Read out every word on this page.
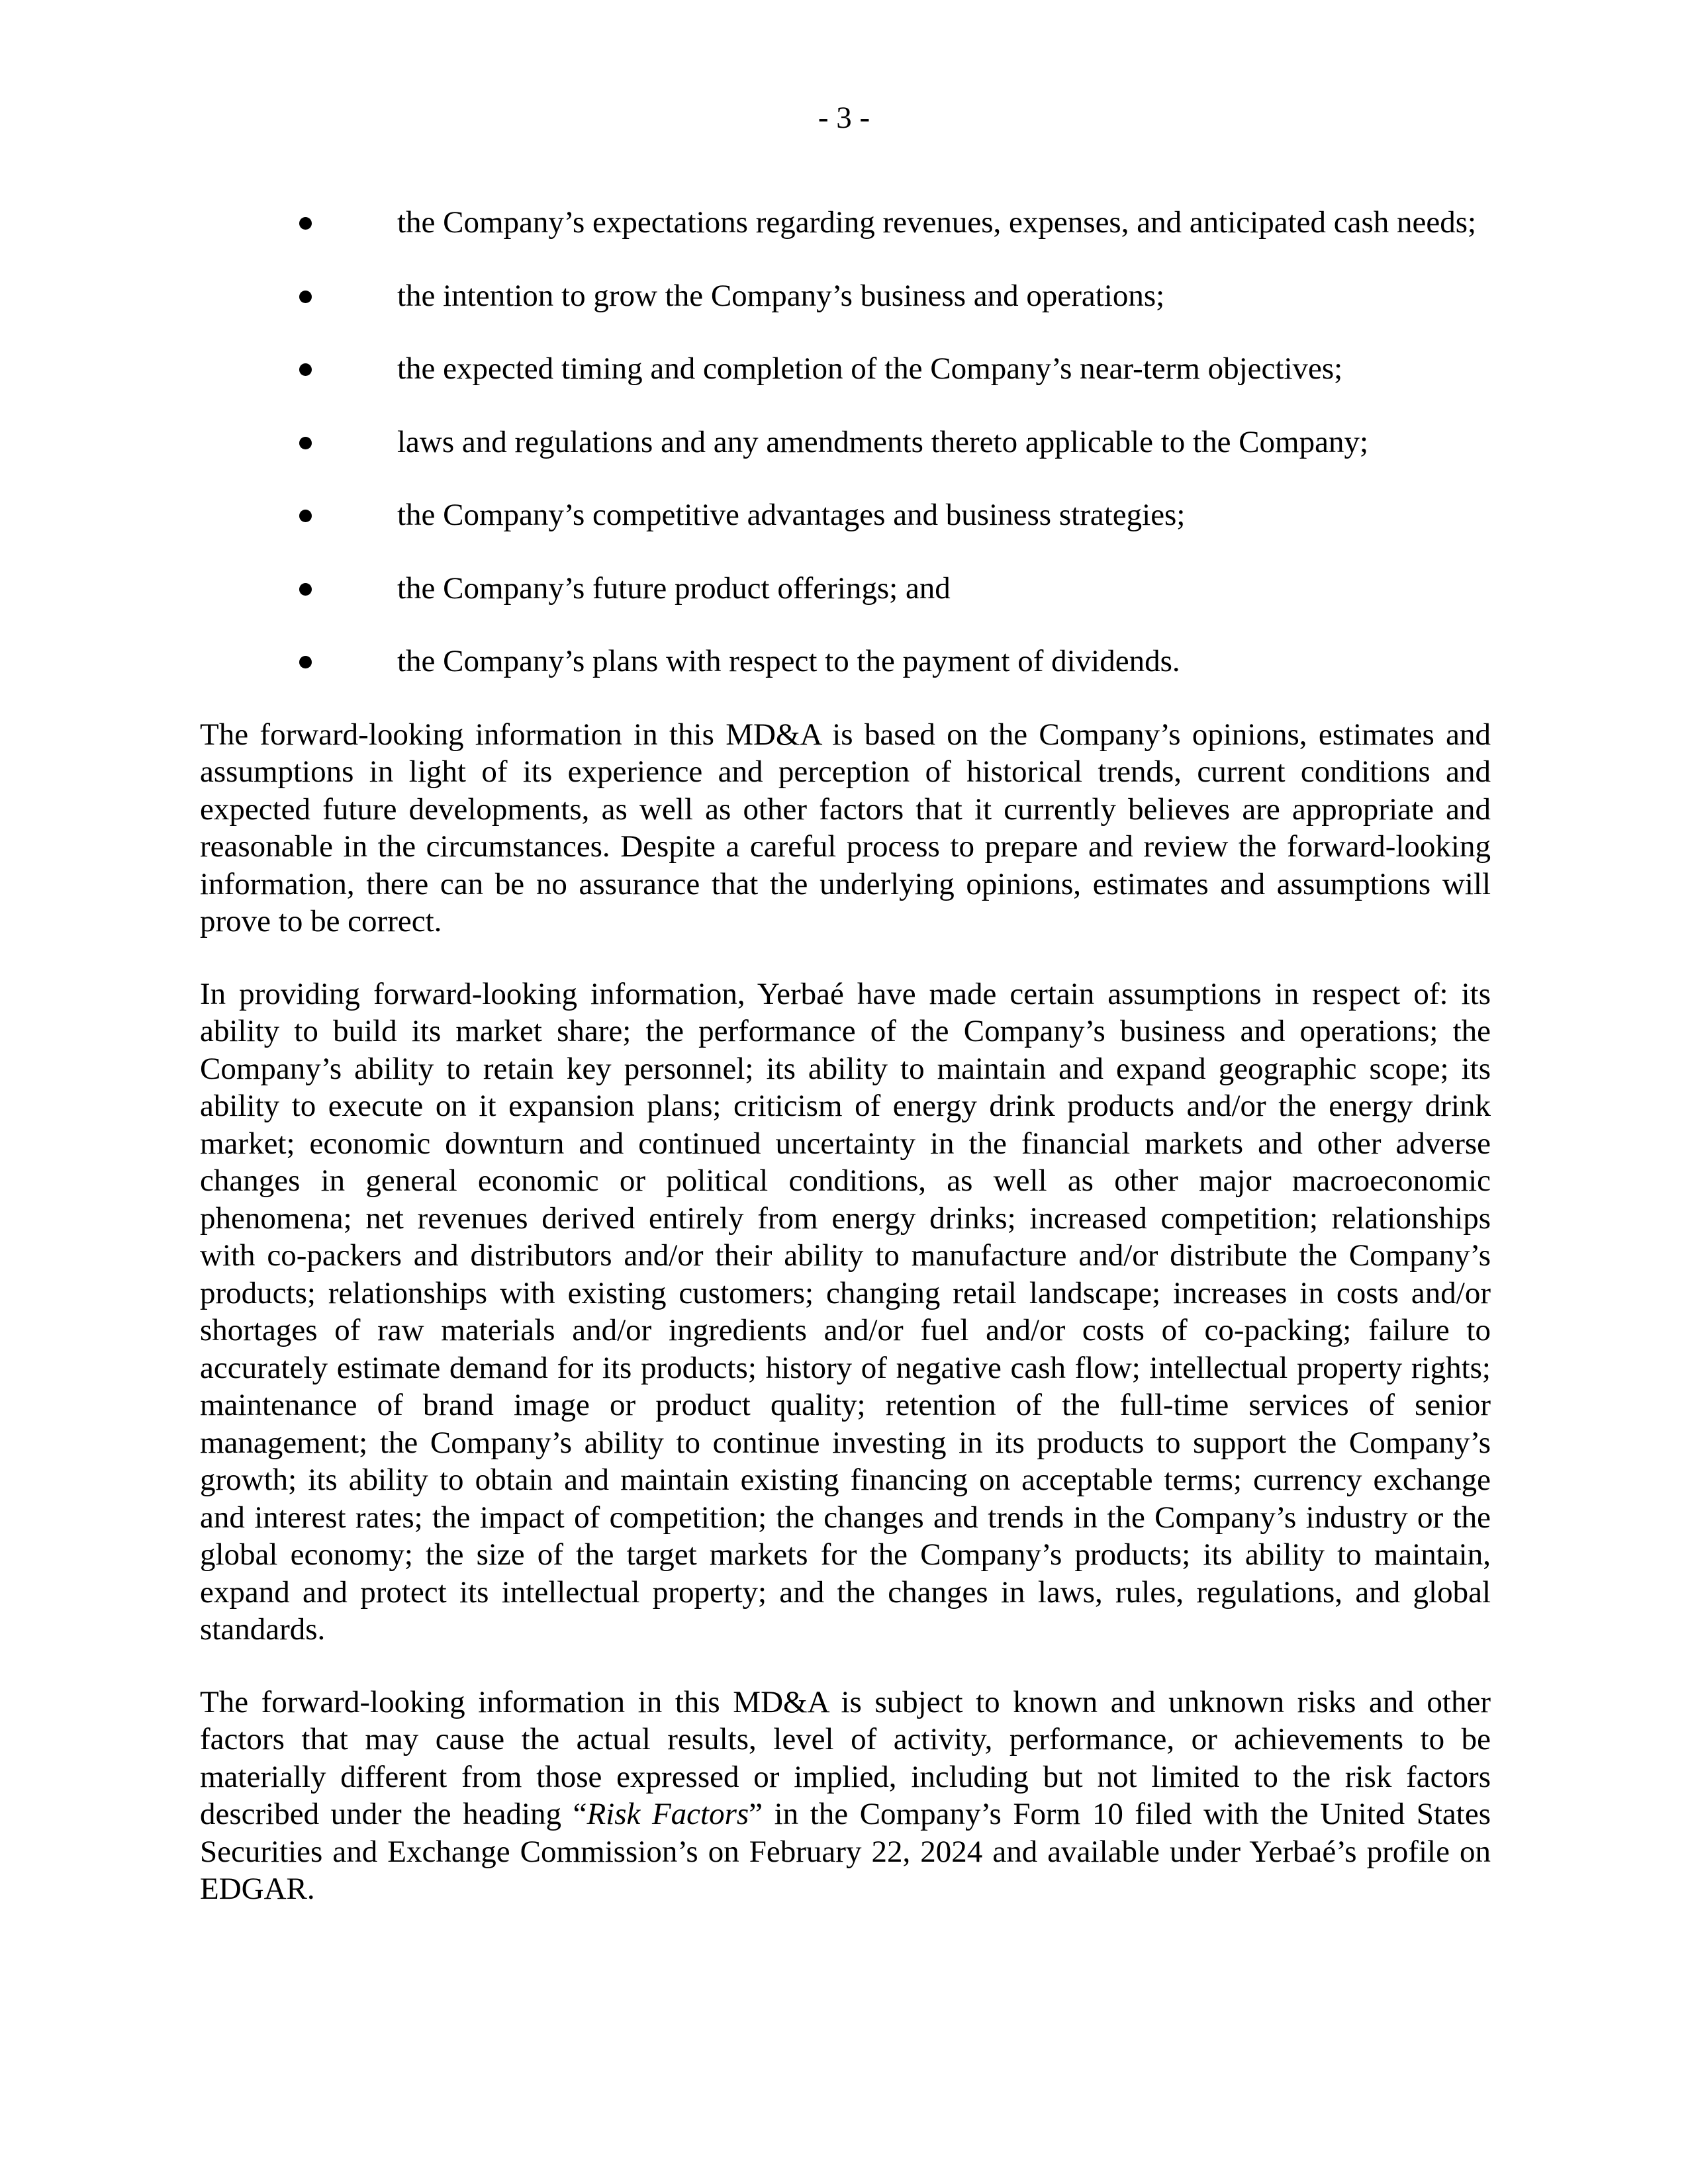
- 3 -
the Company’s expectations regarding revenues, expenses, and anticipated cash needs;
the intention to grow the Company’s business and operations;
the expected timing and completion of the Company’s near-term objectives;
laws and regulations and any amendments thereto applicable to the Company;
the Company’s competitive advantages and business strategies;
the Company’s future product offerings; and
the Company’s plans with respect to the payment of dividends.

The forward-looking information in this MD&A is based on the Company’s opinions, estimates and assumptions in light of its experience and perception of historical trends, current conditions and expected future developments, as well as other factors that it currently believes are appropriate and reasonable in the circumstances. Despite a careful process to prepare and review the forward-looking information, there can be no assurance that the underlying opinions, estimates and assumptions will prove to be correct.

In providing forward-looking information, Yerbaé have made certain assumptions in respect of: its ability to build its market share; the performance of the Company’s business and operations; the Company’s ability to retain key personnel; its ability to maintain and expand geographic scope; its ability to execute on it expansion plans; criticism of energy drink products and/or the energy drink market; economic downturn and continued uncertainty in the financial markets and other adverse changes in general economic or political conditions, as well as other major macroeconomic phenomena; net revenues derived entirely from energy drinks; increased competition; relationships with co-packers and distributors and/or their ability to manufacture and/or distribute the Company’s products; relationships with existing customers; changing retail landscape; increases in costs and/or shortages of raw materials and/or ingredients and/or fuel and/or costs of co-packing; failure to accurately estimate demand for its products; history of negative cash flow; intellectual property rights; maintenance of brand image or product quality; retention of the full-time services of senior management; the Company’s ability to continue investing in its products to support the Company’s growth; its ability to obtain and maintain existing financing on acceptable terms; currency exchange and interest rates; the impact of competition; the changes and trends in the Company’s industry or the global economy; the size of the target markets for the Company’s products; its ability to maintain, expand and protect its intellectual property; and the changes in laws, rules, regulations, and global standards.

The forward-looking information in this MD&A is subject to known and unknown risks and other factors that may cause the actual results, level of activity, performance, or achievements to be materially different from those expressed or implied, including but not limited to the risk factors described under the heading “Risk Factors” in the Company’s Form 10 filed with the United States Securities and Exchange Commission’s on February 22, 2024 and available under Yerbaé’s profile on EDGAR.
